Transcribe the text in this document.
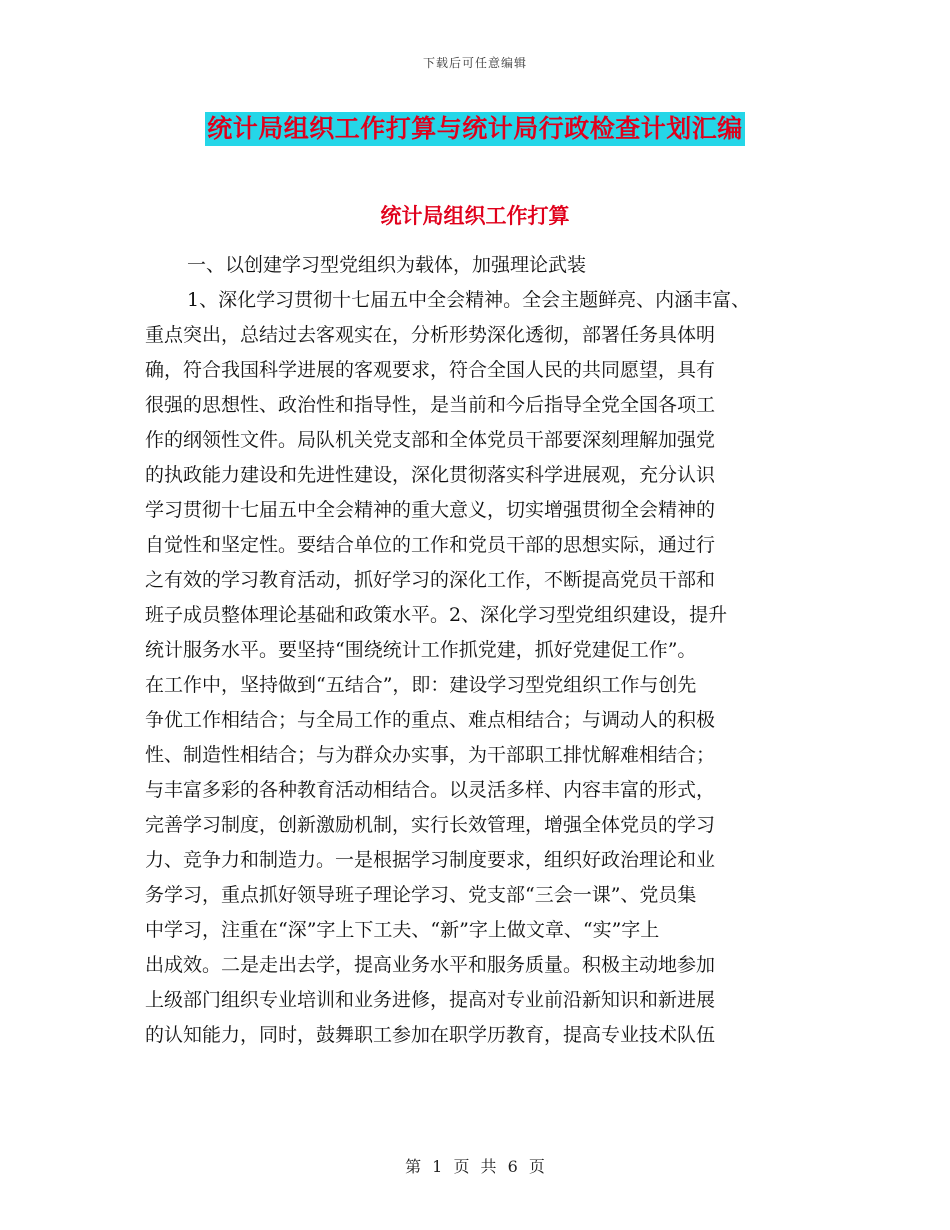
下载后可任意编辑
统计局组织工作打算与统计局行政检查计划汇编
统计局组织工作打算
一、以创建学习型党组织为载体，加强理论武装
1、深化学习贯彻十七届五中全会精神。全会主题鲜亮、内涵丰富、
重点突出，总结过去客观实在，分析形势深化透彻，部署任务具体明
确，符合我国科学进展的客观要求，符合全国人民的共同愿望，具有
很强的思想性、政治性和指导性，是当前和今后指导全党全国各项工
作的纲领性文件。局队机关党支部和全体党员干部要深刻理解加强党
的执政能力建设和先进性建设，深化贯彻落实科学进展观，充分认识
学习贯彻十七届五中全会精神的重大意义，切实增强贯彻全会精神的
自觉性和坚定性。要结合单位的工作和党员干部的思想实际，通过行
之有效的学习教育活动，抓好学习的深化工作，不断提高党员干部和
班子成员整体理论基础和政策水平。2、深化学习型党组织建设，提升
统计服务水平。要坚持“围绕统计工作抓党建，抓好党建促工作”。
在工作中，坚持做到“五结合”，即：建设学习型党组织工作与创先
争优工作相结合；与全局工作的重点、难点相结合；与调动人的积极
性、制造性相结合；与为群众办实事，为干部职工排忧解难相结合；
与丰富多彩的各种教育活动相结合。以灵活多样、内容丰富的形式，
完善学习制度，创新激励机制，实行长效管理，增强全体党员的学习
力、竞争力和制造力。一是根据学习制度要求，组织好政治理论和业
务学习，重点抓好领导班子理论学习、党支部“三会一课”、党员集
中学习，注重在“深”字上下工夫、“新”字上做文章、“实”字上
出成效。二是走出去学，提高业务水平和服务质量。积极主动地参加
上级部门组织专业培训和业务进修，提高对专业前沿新知识和新进展
的认知能力，同时，鼓舞职工参加在职学历教育，提高专业技术队伍
第 1 页 共 6 页
